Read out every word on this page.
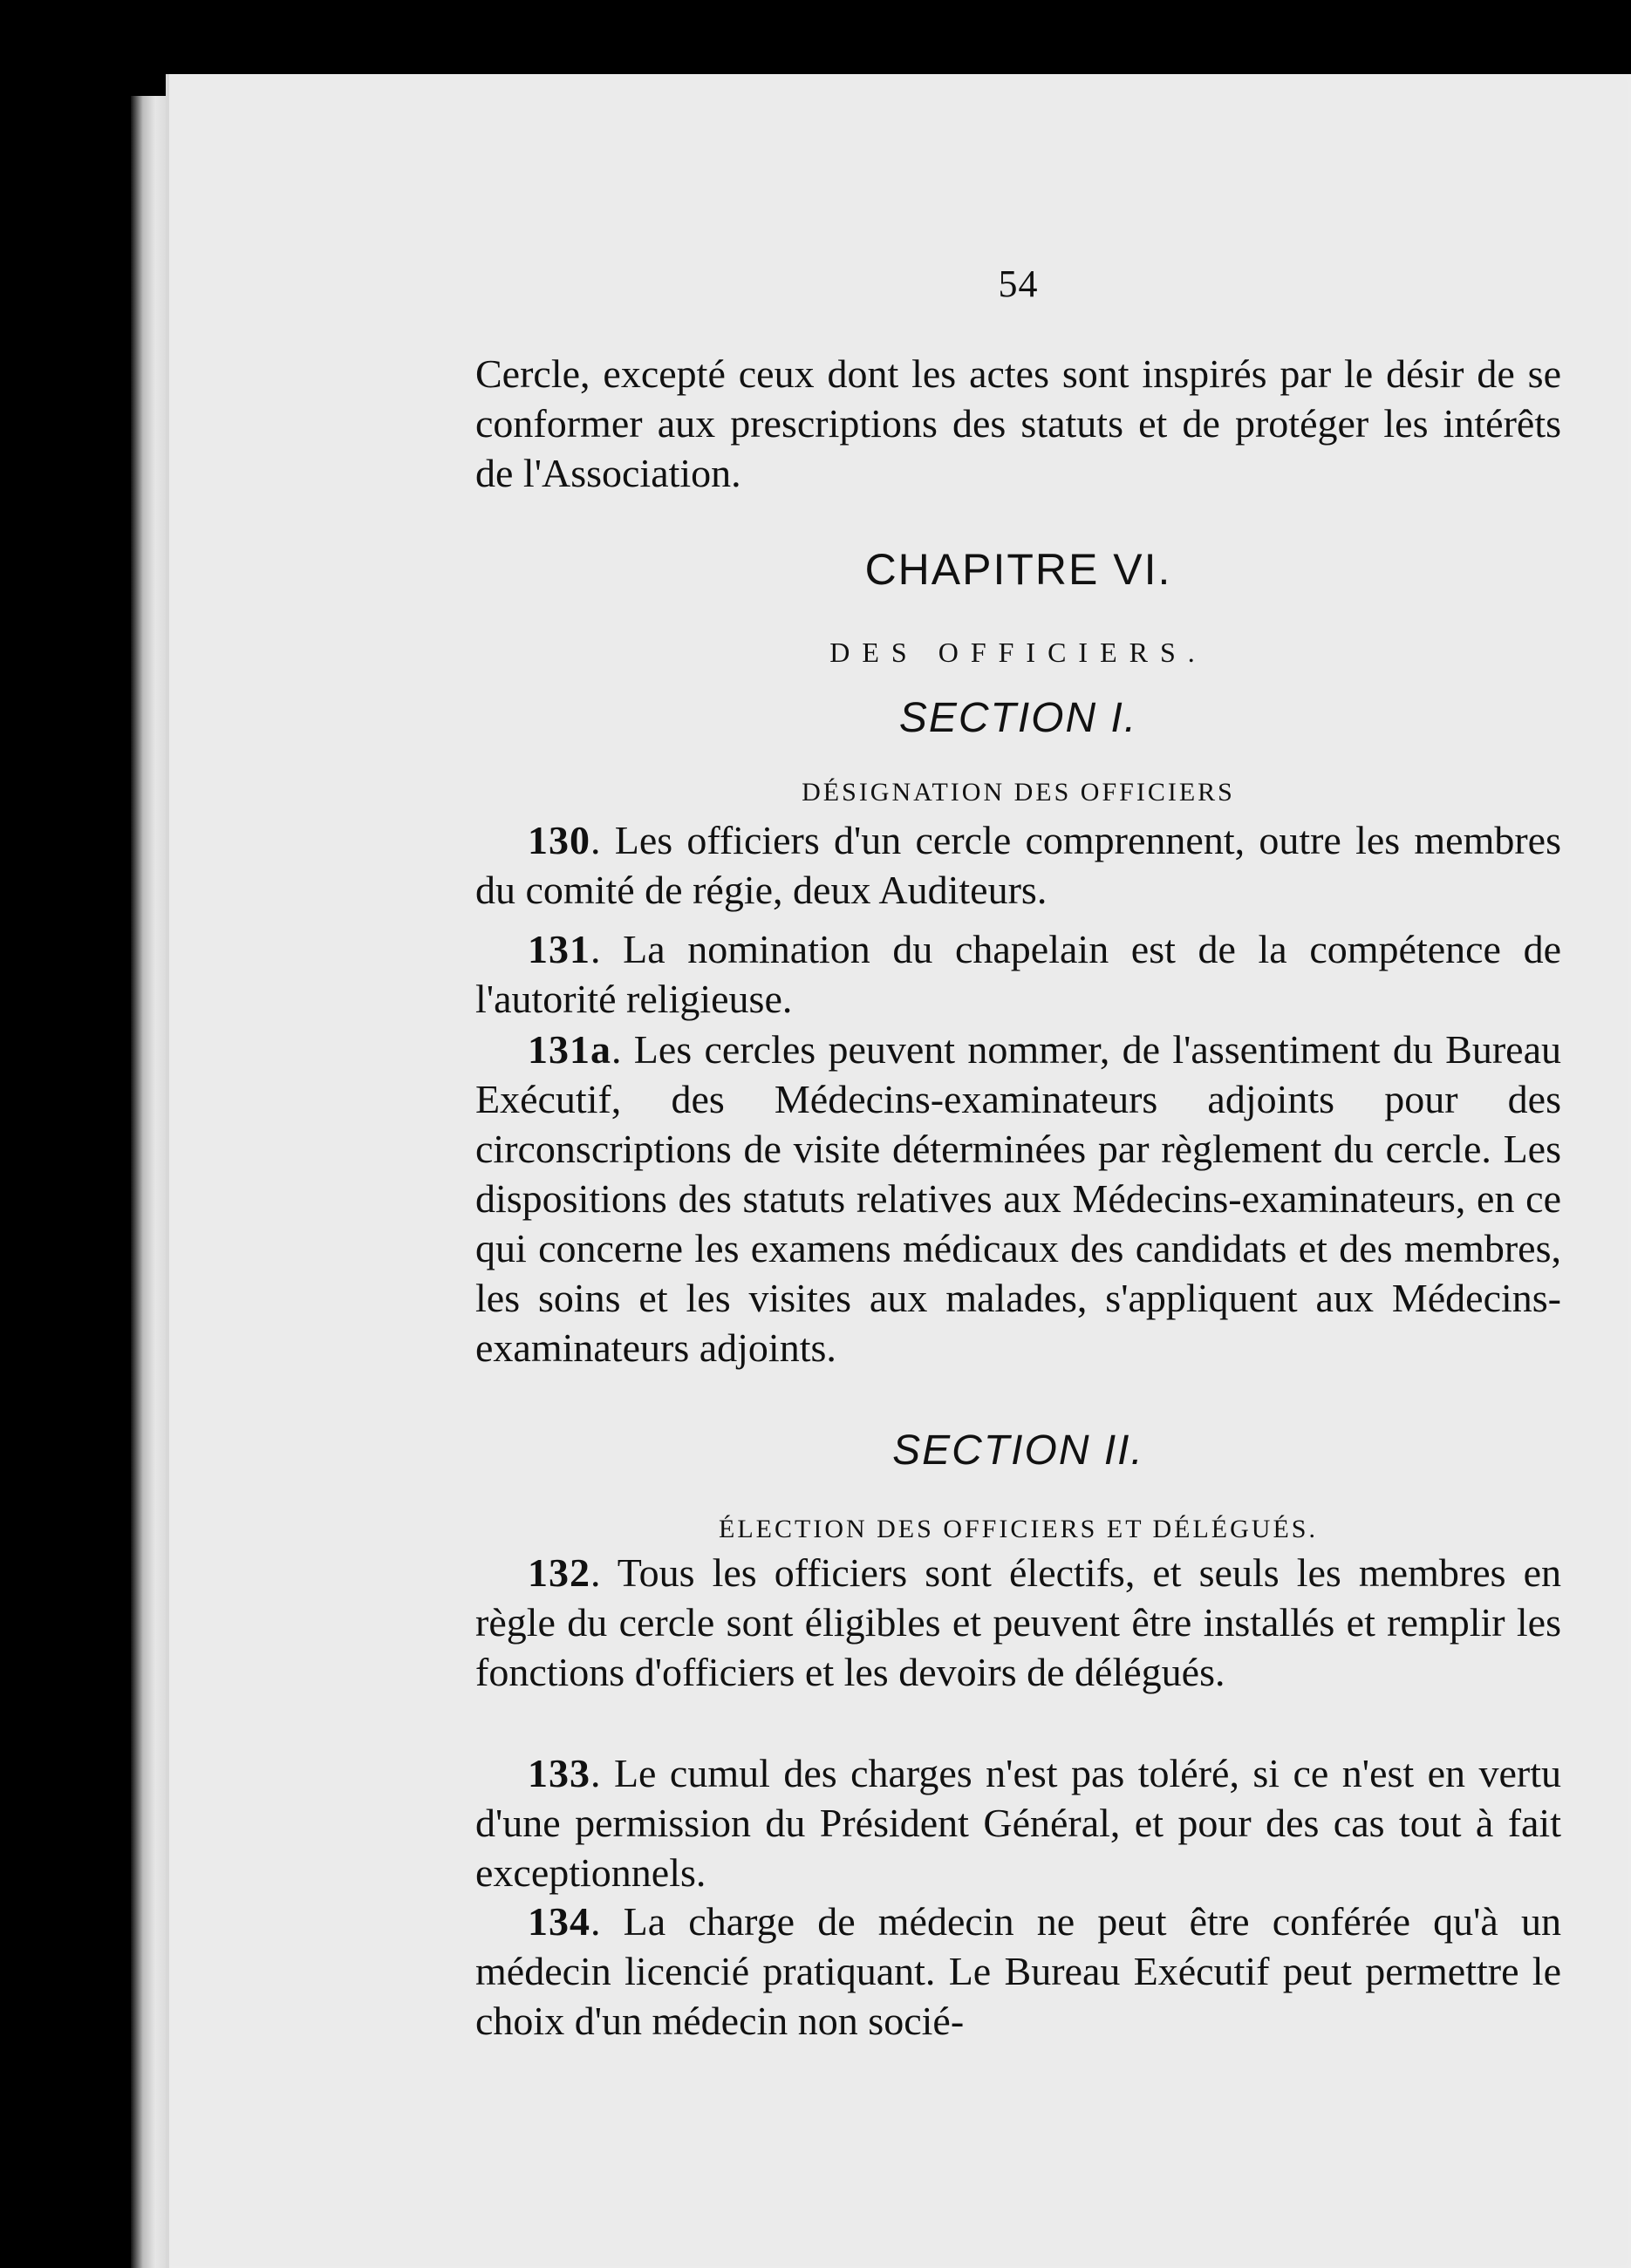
54

Cercle, excepté ceux dont les actes sont inspirés par le désir de se conformer aux prescriptions des statuts et de protéger les intérêts de l'Association.

CHAPITRE VI.

DES OFFICIERS.

SECTION I.

DÉSIGNATION DES OFFICIERS

130. Les officiers d'un cercle comprennent, outre les membres du comité de régie, deux Auditeurs.

131. La nomination du chapelain est de la compétence de l'autorité religieuse.

131a. Les cercles peuvent nommer, de l'assentiment du Bureau Exécutif, des Médecins-examinateurs adjoints pour des circonscriptions de visite déterminées par règlement du cercle. Les dispositions des statuts relatives aux Médecins-examinateurs, en ce qui concerne les examens médicaux des candidats et des membres, les soins et les visites aux malades, s'appliquent aux Médecins-examinateurs adjoints.

SECTION II.

ÉLECTION DES OFFICIERS ET DÉLÉGUÉS.

132. Tous les officiers sont électifs, et seuls les membres en règle du cercle sont éligibles et peuvent être installés et remplir les fonctions d'officiers et les devoirs de délégués.

133. Le cumul des charges n'est pas toléré, si ce n'est en vertu d'une permission du Président Général, et pour des cas tout à fait exceptionnels.

134. La charge de médecin ne peut être conférée qu'à un médecin licencié pratiquant. Le Bureau Exécutif peut permettre le choix d'un médecin non socié-
